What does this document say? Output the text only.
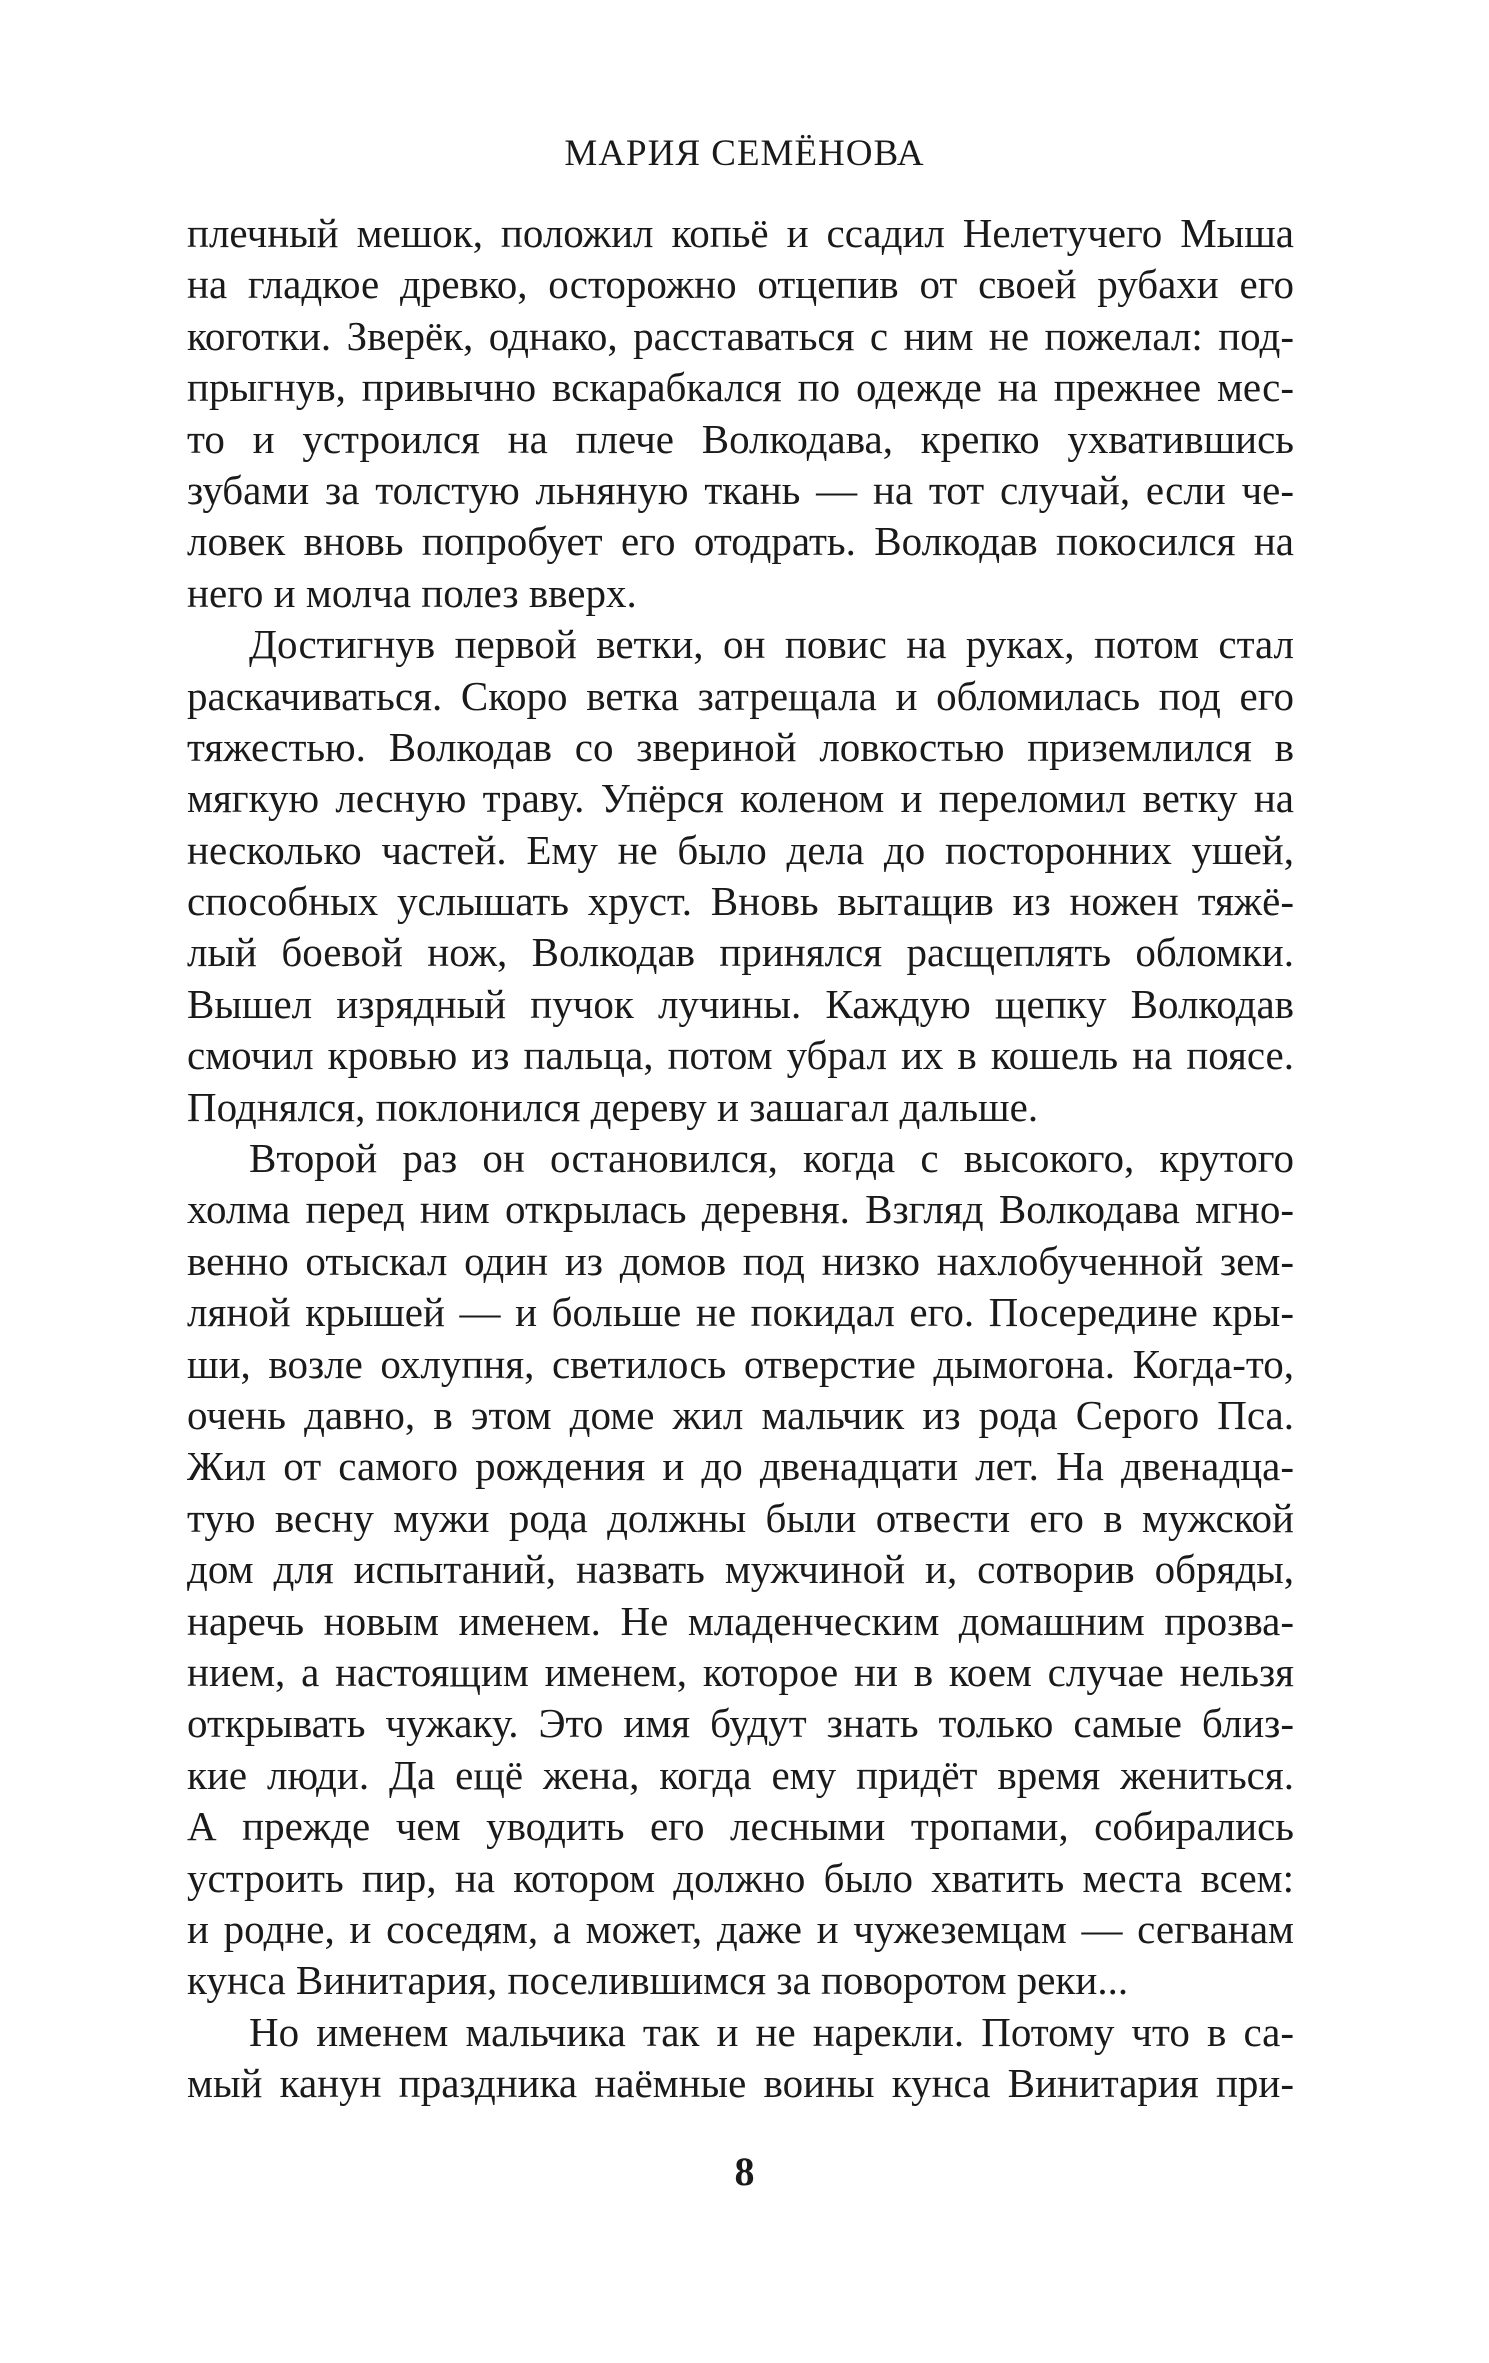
МАРИЯ СЕМЁНОВА
плечный мешок, положил копьё и ссадил Нелетучего Мыша
на гладкое древко, осторожно отцепив от своей рубахи его
коготки. Зверёк, однако, расставаться с ним не пожелал: под-
прыгнув, привычно вскарабкался по одежде на прежнее мес-
то и устроился на плече Волкодава, крепко ухватившись
зубами за толстую льняную ткань — на тот случай, если че-
ловек вновь попробует его отодрать. Волкодав покосился на
него и молча полез вверх.
Достигнув первой ветки, он повис на руках, потом стал
раскачиваться. Скоро ветка затрещала и обломилась под его
тяжестью. Волкодав со звериной ловкостью приземлился в
мягкую лесную траву. Упёрся коленом и переломил ветку на
несколько частей. Ему не было дела до посторонних ушей,
способных услышать хруст. Вновь вытащив из ножен тяжё-
лый боевой нож, Волкодав принялся расщеплять обломки.
Вышел изрядный пучок лучины. Каждую щепку Волкодав
смочил кровью из пальца, потом убрал их в кошель на поясе.
Поднялся, поклонился дереву и зашагал дальше.
Второй раз он остановился, когда с высокого, крутого
холма перед ним открылась деревня. Взгляд Волкодава мгно-
венно отыскал один из домов под низко нахлобученной зем-
ляной крышей — и больше не покидал его. Посередине кры-
ши, возле охлупня, светилось отверстие дымогона. Когда-то,
очень давно, в этом доме жил мальчик из рода Серого Пса.
Жил от самого рождения и до двенадцати лет. На двенадца-
тую весну мужи рода должны были отвести его в мужской
дом для испытаний, назвать мужчиной и, сотворив обряды,
наречь новым именем. Не младенческим домашним прозва-
нием, а настоящим именем, которое ни в коем случае нельзя
открывать чужаку. Это имя будут знать только самые близ-
кие люди. Да ещё жена, когда ему придёт время жениться.
А прежде чем уводить его лесными тропами, собирались
устроить пир, на котором должно было хватить места всем:
и родне, и соседям, а может, даже и чужеземцам — сегванам
кунса Винитария, поселившимся за поворотом реки...
Но именем мальчика так и не нарекли. Потому что в са-
мый канун праздника наёмные воины кунса Винитария при-
8
